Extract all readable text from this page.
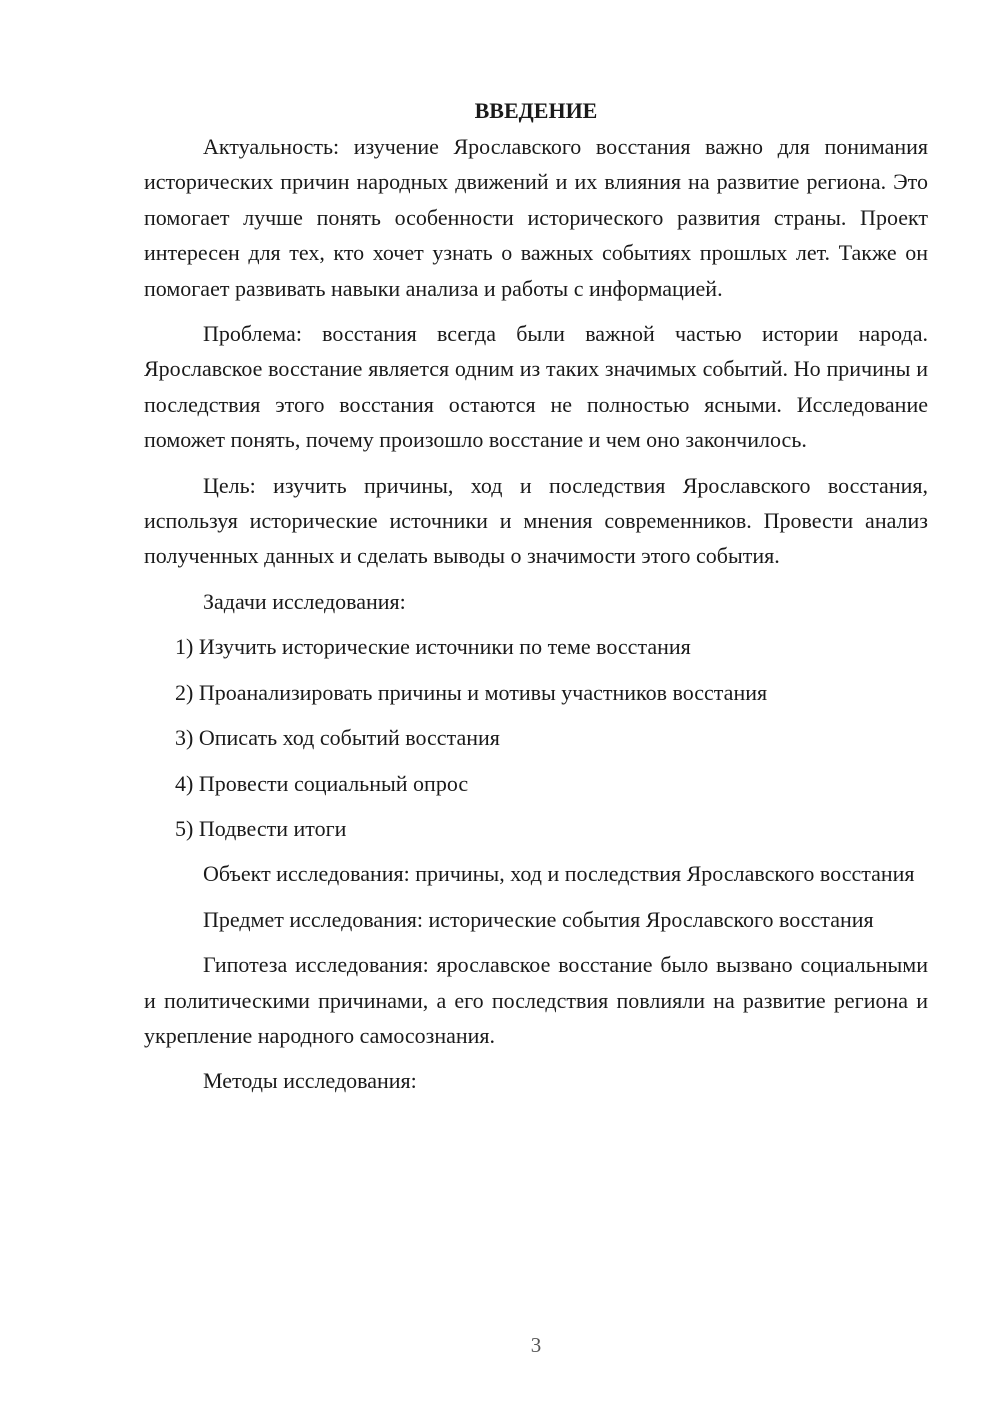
ВВЕДЕНИЕ

Актуальность: изучение Ярославского восстания важно для понимания исторических причин народных движений и их влияния на развитие региона. Это помогает лучше понять особенности исторического развития страны. Проект интересен для тех, кто хочет узнать о важных событиях прошлых лет. Также он помогает развивать навыки анализа и работы с информацией.

Проблема: восстания всегда были важной частью истории народа. Ярославское восстание является одним из таких значимых событий. Но причины и последствия этого восстания остаются не полностью ясными. Исследование поможет понять, почему произошло восстание и чем оно закончилось.

Цель: изучить причины, ход и последствия Ярославского восстания, используя исторические источники и мнения современников. Провести анализ полученных данных и сделать выводы о значимости этого события.

Задачи исследования:

1) Изучить исторические источники по теме восстания

2) Проанализировать причины и мотивы участников восстания

3) Описать ход событий восстания

4) Провести социальный опрос

5) Подвести итоги

Объект исследования: причины, ход и последствия Ярославского восстания

Предмет исследования: исторические события Ярославского восстания

Гипотеза исследования: ярославское восстание было вызвано социальными и политическими причинами, а его последствия повлияли на развитие региона и укрепление народного самосознания.

Методы исследования:

3
